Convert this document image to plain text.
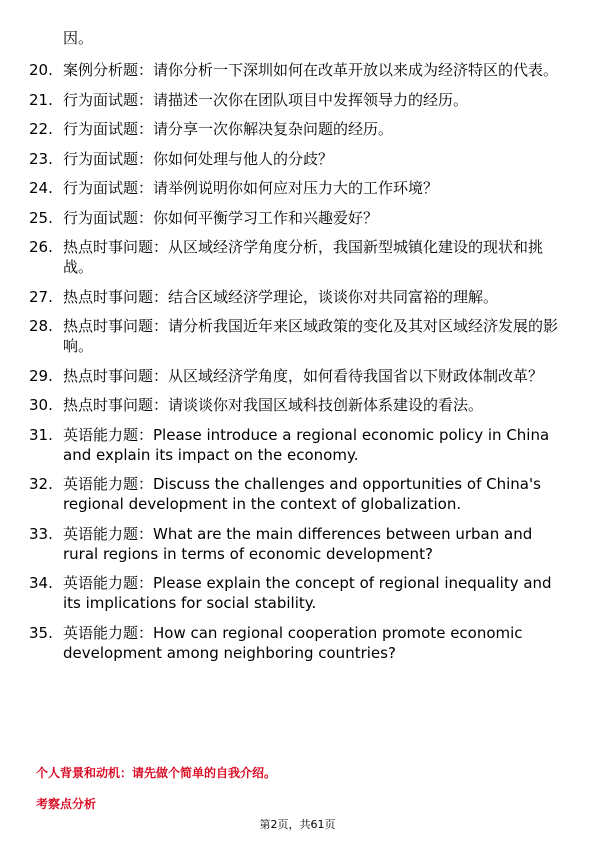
因。
20. 案例分析题：请你分析一下深圳如何在改革开放以来成为经济特区的代表。
21. 行为面试题：请描述一次你在团队项目中发挥领导力的经历。
22. 行为面试题：请分享一次你解决复杂问题的经历。
23. 行为面试题：你如何处理与他人的分歧？
24. 行为面试题：请举例说明你如何应对压力大的工作环境？
25. 行为面试题：你如何平衡学习工作和兴趣爱好？
26. 热点时事问题：从区域经济学角度分析，我国新型城镇化建设的现状和挑战。
27. 热点时事问题：结合区域经济学理论，谈谈你对共同富裕的理解。
28. 热点时事问题：请分析我国近年来区域政策的变化及其对区域经济发展的影响。
29. 热点时事问题：从区域经济学角度，如何看待我国省以下财政体制改革？
30. 热点时事问题：请谈谈你对我国区域科技创新体系建设的看法。
31. 英语能力题：Please introduce a regional economic policy in China and explain its impact on the economy.
32. 英语能力题：Discuss the challenges and opportunities of China's regional development in the context of globalization.
33. 英语能力题：What are the main differences between urban and rural regions in terms of economic development?
34. 英语能力题：Please explain the concept of regional inequality and its implications for social stability.
35. 英语能力题：How can regional cooperation promote economic development among neighboring countries?
个人背景和动机：请先做个简单的自我介绍。
考察点分析
第2页，共61页
